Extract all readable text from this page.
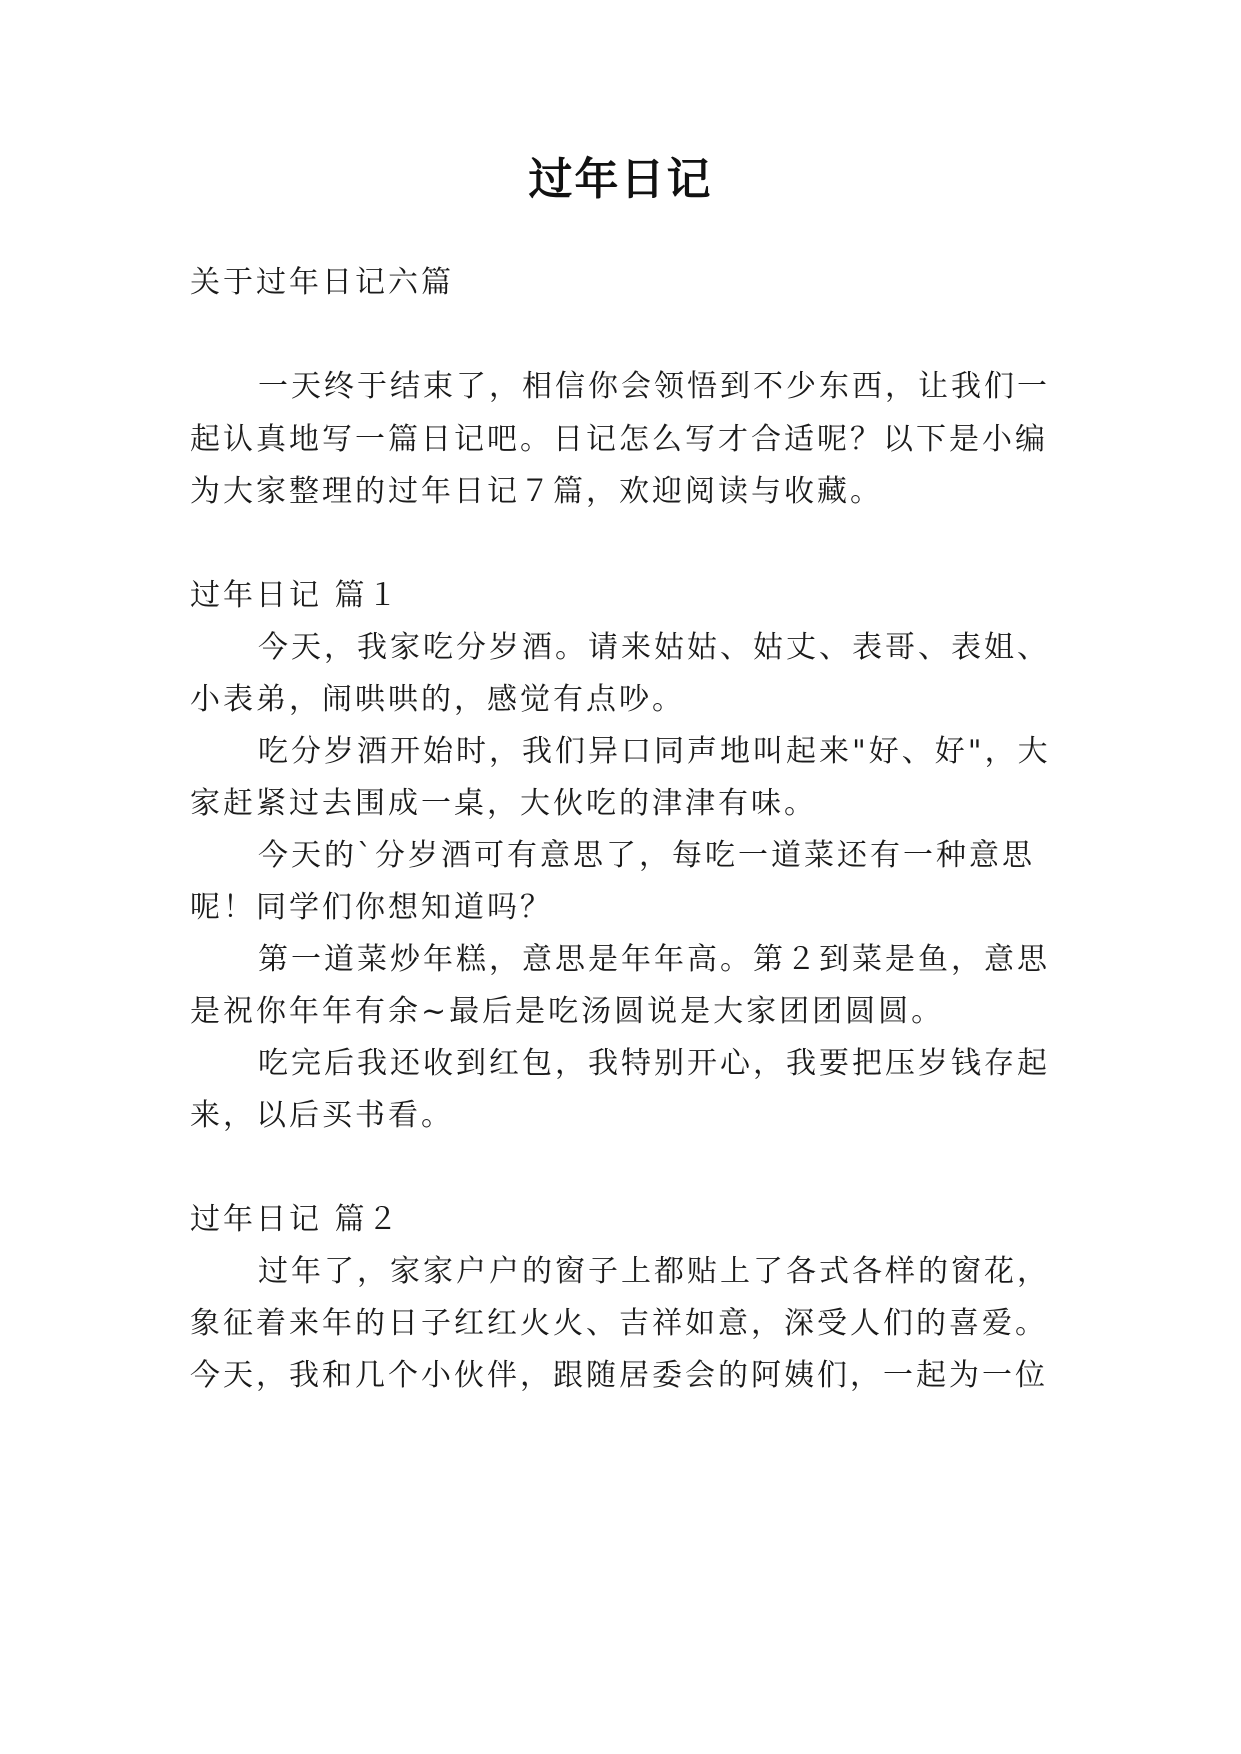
过年日记
关于过年日记六篇
一天终于结束了，相信你会领悟到不少东西，让我们一
起认真地写一篇日记吧。日记怎么写才合适呢？以下是小编
为大家整理的过年日记７篇，欢迎阅读与收藏。
过年日记 篇１
今天，我家吃分岁酒。请来姑姑、姑丈、表哥、表姐、
小表弟，闹哄哄的，感觉有点吵。
吃分岁酒开始时，我们异口同声地叫起来"好、好"，大
家赶紧过去围成一桌，大伙吃的津津有味。
今天的`分岁酒可有意思了，每吃一道菜还有一种意思
呢！同学们你想知道吗？
第一道菜炒年糕，意思是年年高。第２到菜是鱼，意思
是祝你年年有余~最后是吃汤圆说是大家团团圆圆。
吃完后我还收到红包，我特别开心，我要把压岁钱存起
来，以后买书看。
过年日记 篇２
过年了，家家户户的窗子上都贴上了各式各样的窗花，
象征着来年的日子红红火火、吉祥如意，深受人们的喜爱。
今天，我和几个小伙伴，跟随居委会的阿姨们，一起为一位
